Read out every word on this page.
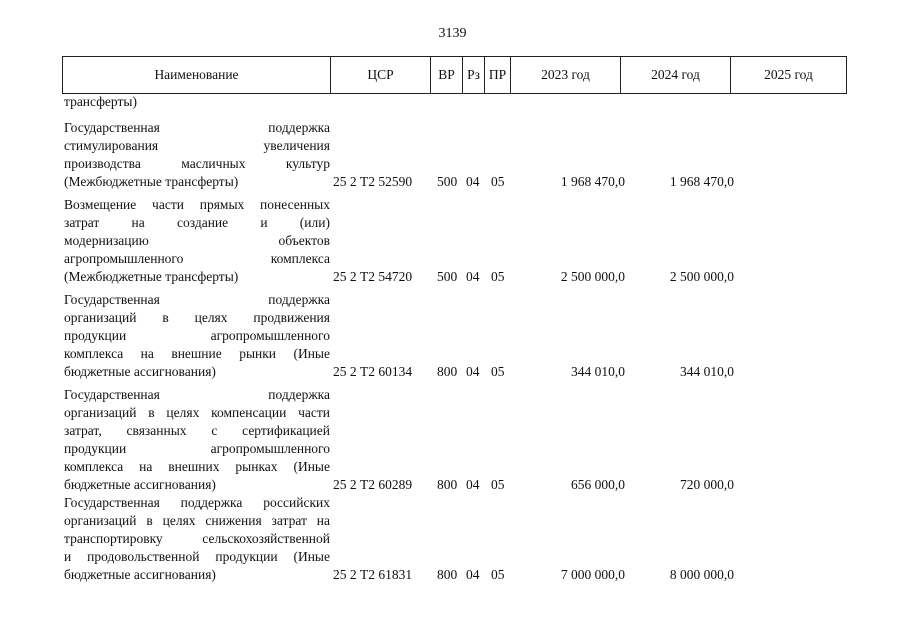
3139
Наименование	ЦСР	ВР	Рз	ПР	2023 год	2024 год	2025 год
трансферты)
Государственная поддержка
стимулирования увеличения
производства масличных культур
(Межбюджетные трансферты)	25 2 Т2 52590 500 04 05	1 968 470,0	1 968 470,0
Возмещение части прямых понесенных
затрат на создание и (или)
модернизацию объектов
агропромышленного комплекса
(Межбюджетные трансферты)	25 2 Т2 54720 500 04 05	2 500 000,0	2 500 000,0
Государственная поддержка
организаций в целях продвижения
продукции агропромышленного
комплекса на внешние рынки (Иные
бюджетные ассигнования)	25 2 Т2 60134 800 04 05	344 010,0	344 010,0
Государственная поддержка
организаций в целях компенсации части
затрат, связанных с сертификацией
продукции агропромышленного
комплекса на внешних рынках (Иные
бюджетные ассигнования)	25 2 Т2 60289 800 04 05	656 000,0	720 000,0
Государственная поддержка российских
организаций в целях снижения затрат на
транспортировку сельскохозяйственной
и продовольственной продукции (Иные
бюджетные ассигнования)	25 2 Т2 61831 800 04 05	7 000 000,0	8 000 000,0
